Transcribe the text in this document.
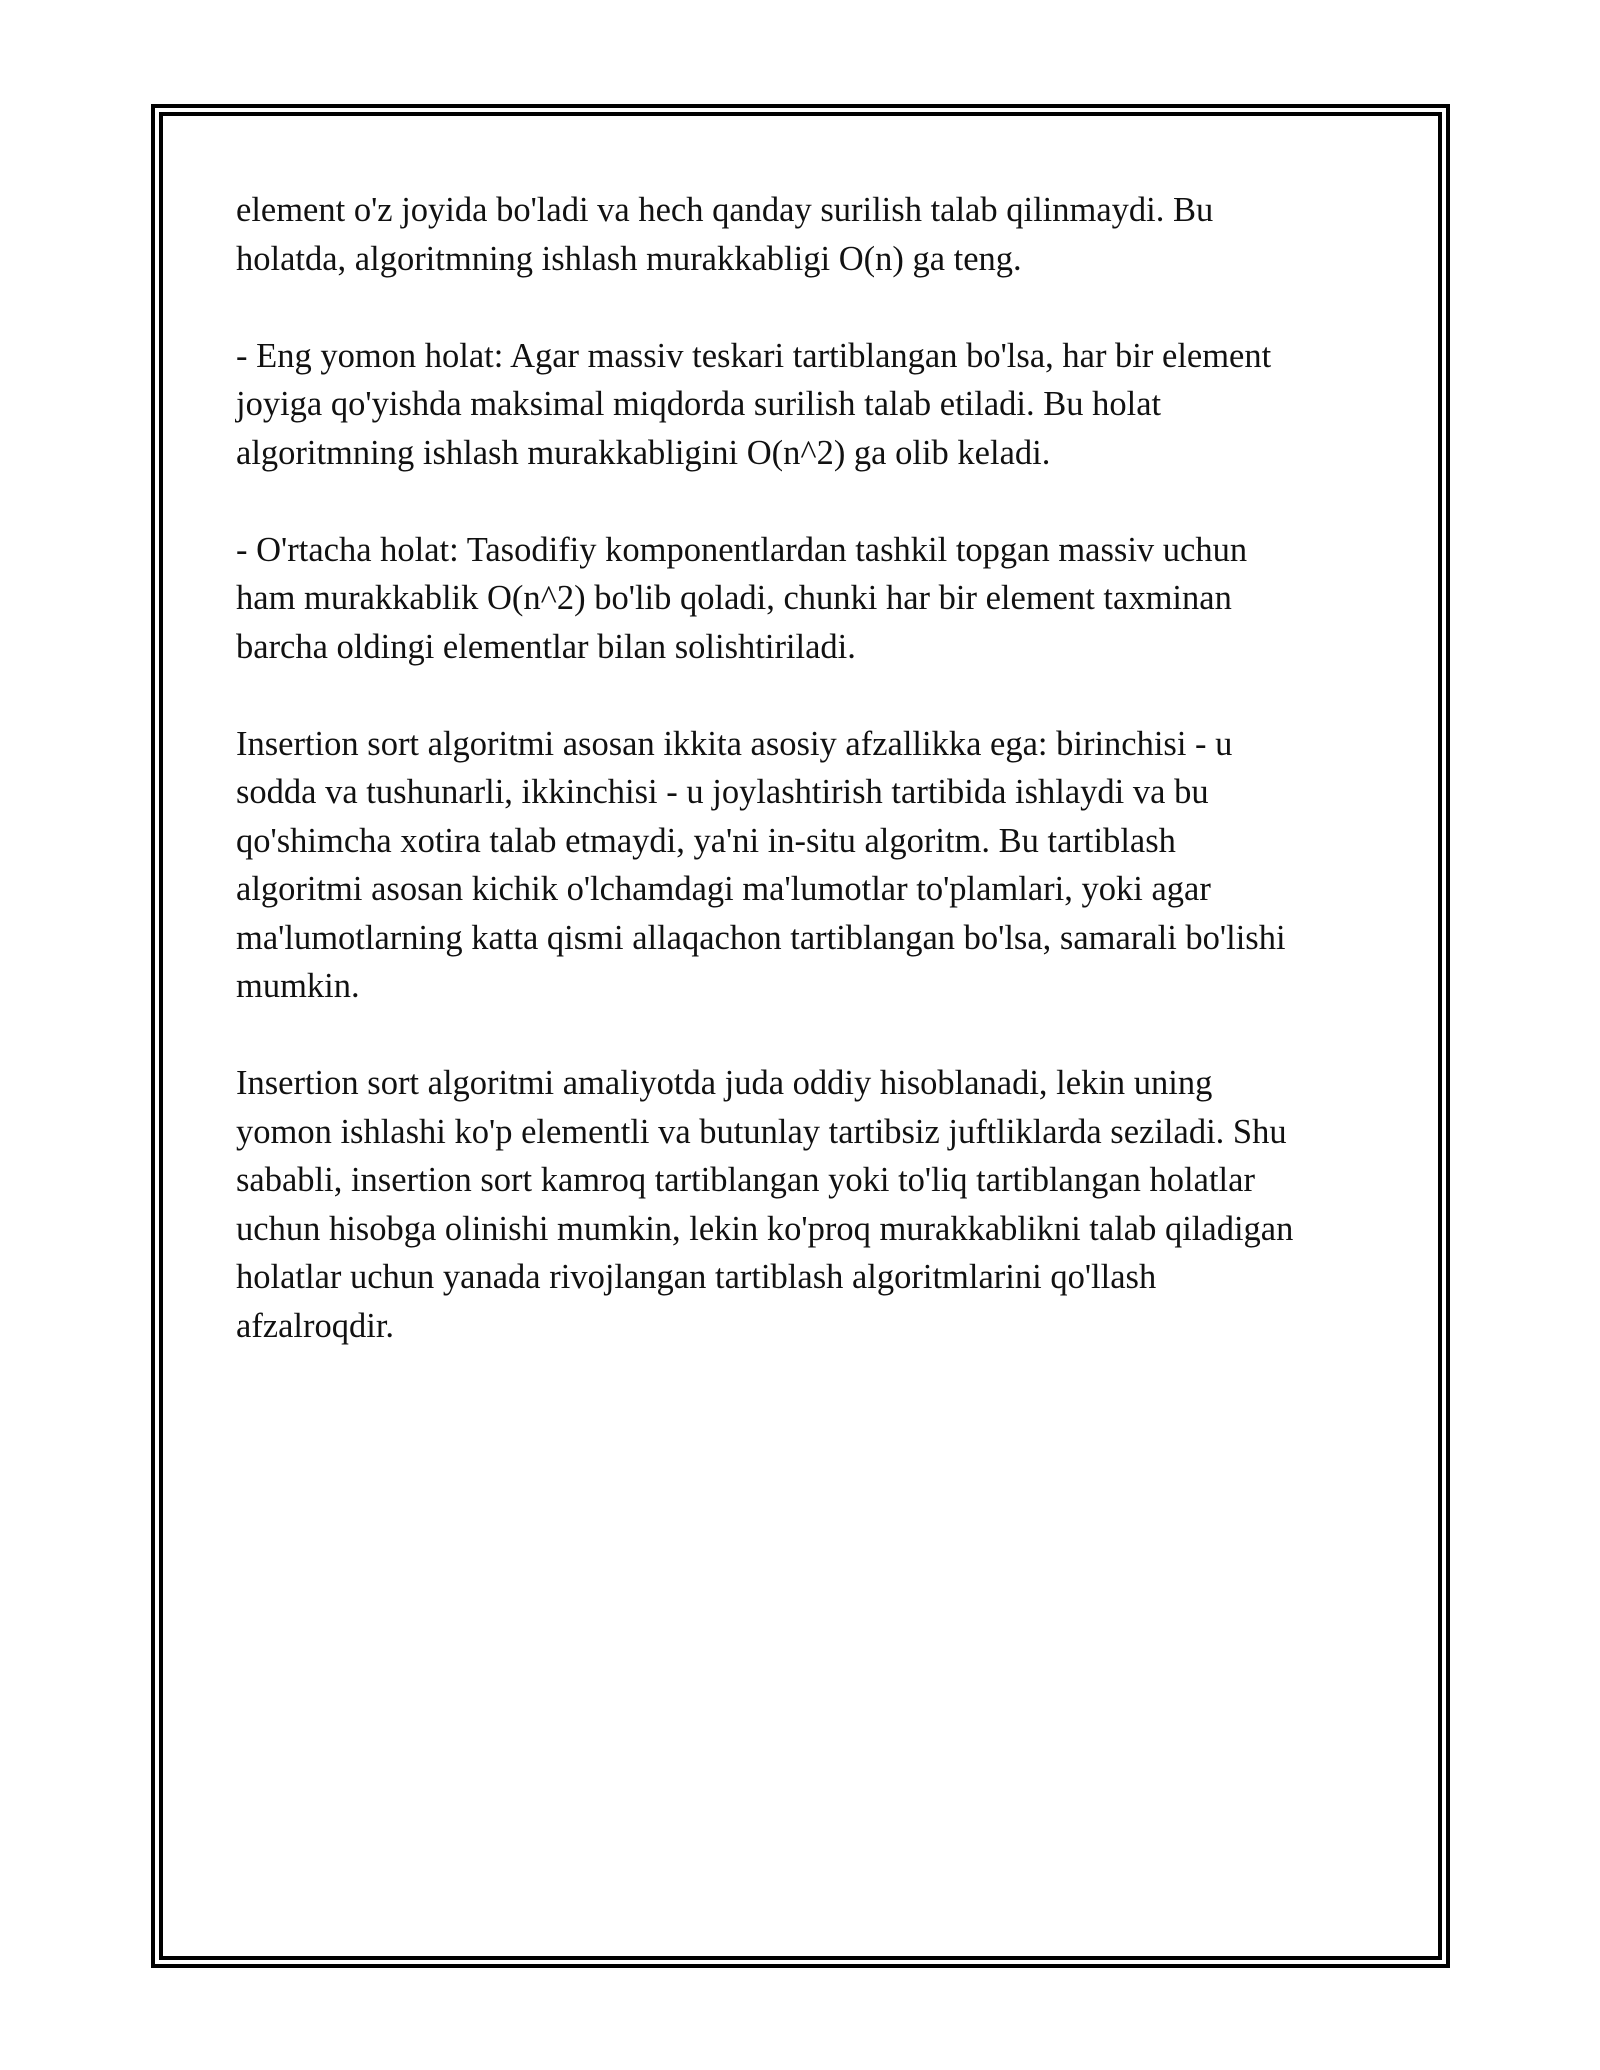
element o'z joyida bo'ladi va hech qanday surilish talab qilinmaydi. Bu
holatda, algoritmning ishlash murakkabligi O(n) ga teng.

- Eng yomon holat: Agar massiv teskari tartiblangan bo'lsa, har bir element
joyiga qo'yishda maksimal miqdorda surilish talab etiladi. Bu holat
algoritmning ishlash murakkabligini O(n^2) ga olib keladi.

- O'rtacha holat: Tasodifiy komponentlardan tashkil topgan massiv uchun
ham murakkablik O(n^2) bo'lib qoladi, chunki har bir element taxminan
barcha oldingi elementlar bilan solishtiriladi.

Insertion sort algoritmi asosan ikkita asosiy afzallikka ega: birinchisi - u
sodda va tushunarli, ikkinchisi - u joylashtirish tartibida ishlaydi va bu
qo'shimcha xotira talab etmaydi, ya'ni in-situ algoritm. Bu tartiblash
algoritmi asosan kichik o'lchamdagi ma'lumotlar to'plamlari, yoki agar
ma'lumotlarning katta qismi allaqachon tartiblangan bo'lsa, samarali bo'lishi
mumkin.

Insertion sort algoritmi amaliyotda juda oddiy hisoblanadi, lekin uning
yomon ishlashi ko'p elementli va butunlay tartibsiz juftliklarda seziladi. Shu
sababli, insertion sort kamroq tartiblangan yoki to'liq tartiblangan holatlar
uchun hisobga olinishi mumkin, lekin ko'proq murakkablikni talab qiladigan
holatlar uchun yanada rivojlangan tartiblash algoritmlarini qo'llash
afzalroqdir.
